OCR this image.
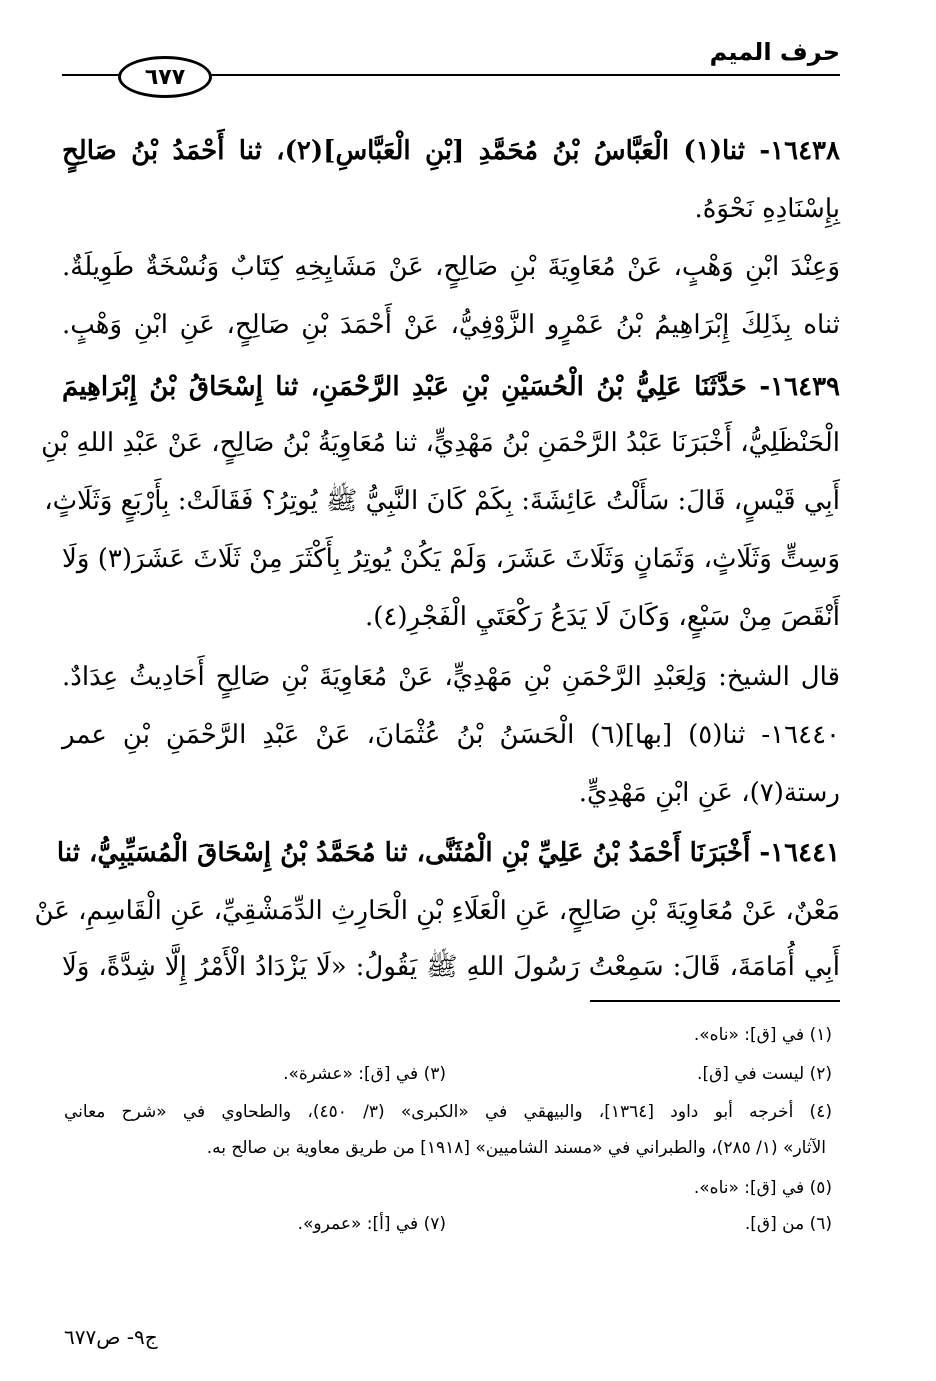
حرف الميم
٦٧٧
١٦٤٣٨- ثنا(١) الْعَبَّاسُ بْنُ مُحَمَّدِ [بْنِ الْعَبَّاسِ](٢)، ثنا أَحْمَدُ بْنُ صَالِحٍ
بِإِسْنَادِهِ نَحْوَهُ.
وَعِنْدَ ابْنِ وَهْبٍ، عَنْ مُعَاوِيَةَ بْنِ صَالِحٍ، عَنْ مَشَايِخِهِ كِتَابٌ وَنُسْخَةٌ طَوِيلَةٌ.
ثناه بِذَلِكَ إِبْرَاهِيمُ بْنُ عَمْرٍو الزَّوْفِيُّ، عَنْ أَحْمَدَ بْنِ صَالِحٍ، عَنِ ابْنِ وَهْبٍ.
١٦٤٣٩- حَدَّثَنَا عَلِيُّ بْنُ الْحُسَيْنِ بْنِ عَبْدِ الرَّحْمَنِ، ثنا إِسْحَاقُ بْنُ إِبْرَاهِيمَ
الْحَنْظَلِيُّ، أَخْبَرَنَا عَبْدُ الرَّحْمَنِ بْنُ مَهْدِيٍّ، ثنا مُعَاوِيَةُ بْنُ صَالِحٍ، عَنْ عَبْدِ اللهِ بْنِ
أَبِي قَيْسٍ، قَالَ: سَأَلْتُ عَائِشَةَ: بِكَمْ كَانَ النَّبِيُّ ﷺ يُوتِرُ؟ فَقَالَتْ: بِأَرْبَعٍ وَثَلَاثٍ،
وَسِتٍّ وَثَلَاثٍ، وَثَمَانٍ وَثَلَاثَ عَشَرَ، وَلَمْ يَكُنْ يُوتِرُ بِأَكْثَرَ مِنْ ثَلَاثَ عَشَرَ(٣) وَلَا
أَنْقَصَ مِنْ سَبْعٍ، وَكَانَ لَا يَدَعُ رَكْعَتَيِ الْفَجْرِ(٤).
قال الشيخ: وَلِعَبْدِ الرَّحْمَنِ بْنِ مَهْدِيٍّ، عَنْ مُعَاوِيَةَ بْنِ صَالِحٍ أَحَادِيثُ عِدَادٌ.
١٦٤٤٠- ثنا(٥) [بها](٦) الْحَسَنُ بْنُ عُثْمَانَ، عَنْ عَبْدِ الرَّحْمَنِ بْنِ عمر
رستة(٧)، عَنِ ابْنِ مَهْدِيٍّ.
١٦٤٤١- أَخْبَرَنَا أَحْمَدُ بْنُ عَلِيِّ بْنِ الْمُثَنَّى، ثنا مُحَمَّدُ بْنُ إِسْحَاقَ الْمُسَيِّبِيُّ، ثنا
مَعْنٌ، عَنْ مُعَاوِيَةَ بْنِ صَالِحٍ، عَنِ الْعَلَاءِ بْنِ الْحَارِثِ الدِّمَشْقِيِّ، عَنِ الْقَاسِمِ، عَنْ
أَبِي أُمَامَةَ، قَالَ: سَمِعْتُ رَسُولَ اللهِ ﷺ يَقُولُ: «لَا يَزْدَادُ الْأَمْرُ إِلَّا شِدَّةً، وَلَا
(١) في [ق]: «ناه».
(٢) ليست في [ق].
(٣) في [ق]: «عشرة».
(٤) أخرجه أبو داود [١٣٦٤]، والبيهقي في «الكبرى» (٣/ ٤٥٠)، والطحاوي في «شرح معاني
الآثار» (١/ ٢٨٥)، والطبراني في «مسند الشاميين» [١٩١٨] من طريق معاوية بن صالح به.
(٥) في [ق]: «ناه».
(٦) من [ق].
(٧) في [أ]: «عمرو».
ج٩- ص٦٧٧
